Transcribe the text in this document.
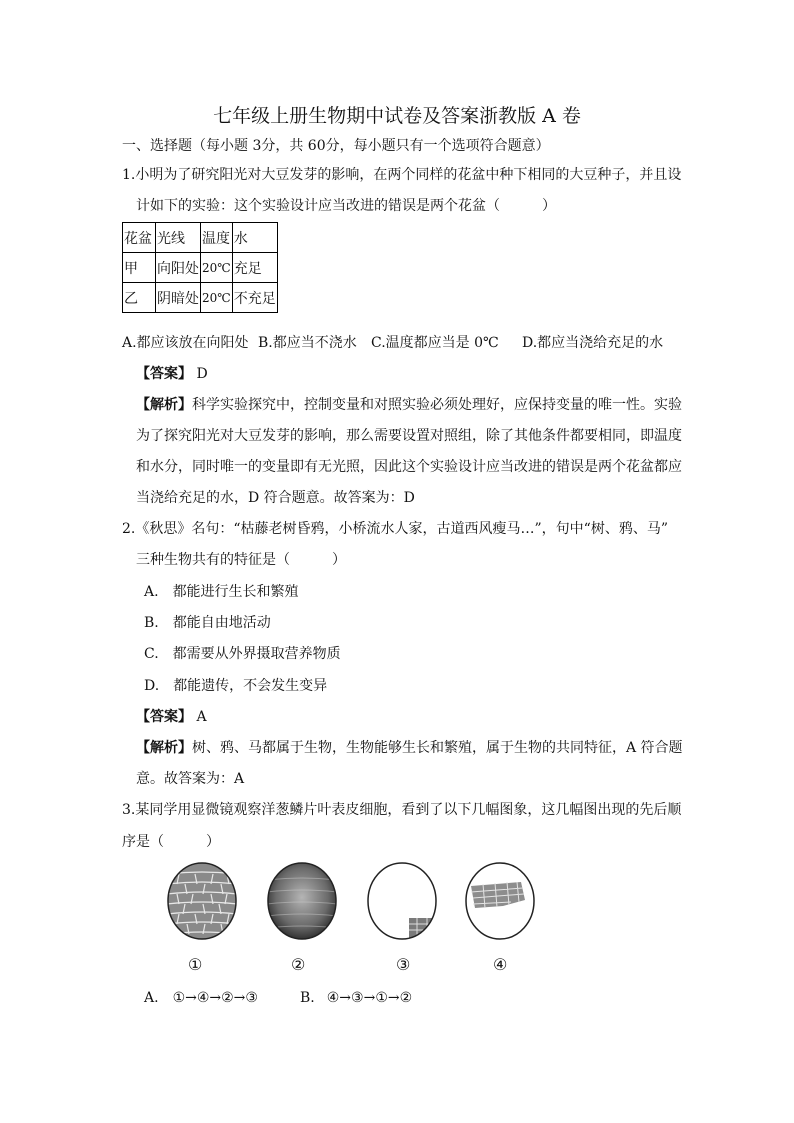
七年级上册生物期中试卷及答案浙教版 A 卷
一、选择题（每小题 3分，共 60分，每小题只有一个选项符合题意）
1.小明为了研究阳光对大豆发芽的影响，在两个同样的花盆中种下相同的大豆种子，并且设
计如下的实验：这个实验设计应当改进的错误是两个花盆（　　　）
花盆	光线	温度	水
甲	向阳处	20℃	充足
乙	阴暗处	20℃	不充足
A.都应该放在向阳处 B.都应当不浇水 C.温度都应当是 0℃ D.都应当浇给充足的水
【答案】 D
【解析】科学实验探究中，控制变量和对照实验必须处理好，应保持变量的唯一性。实验
为了探究阳光对大豆发芽的影响，那么需要设置对照组，除了其他条件都要相同，即温度
和水分，同时唯一的变量即有无光照，因此这个实验设计应当改进的错误是两个花盆都应
当浇给充足的水，D 符合题意。故答案为：D
2.《秋思》名句：“枯藤老树昏鸦，小桥流水人家，古道西风瘦马…”，句中“树、鸦、马”
三种生物共有的特征是（　　　）
A. 都能进行生长和繁殖
B. 都能自由地活动
C. 都需要从外界摄取营养物质
D. 都能遗传，不会发生变异
【答案】 A
【解析】树、鸦、马都属于生物，生物能够生长和繁殖，属于生物的共同特征，A 符合题
意。故答案为：A
3.某同学用显微镜观察洋葱鳞片叶表皮细胞，看到了以下几幅图象，这几幅图出现的先后顺
序是（　　　）
①	②	③	④
A. ①→④→②→③	B. ④→③→①→②
